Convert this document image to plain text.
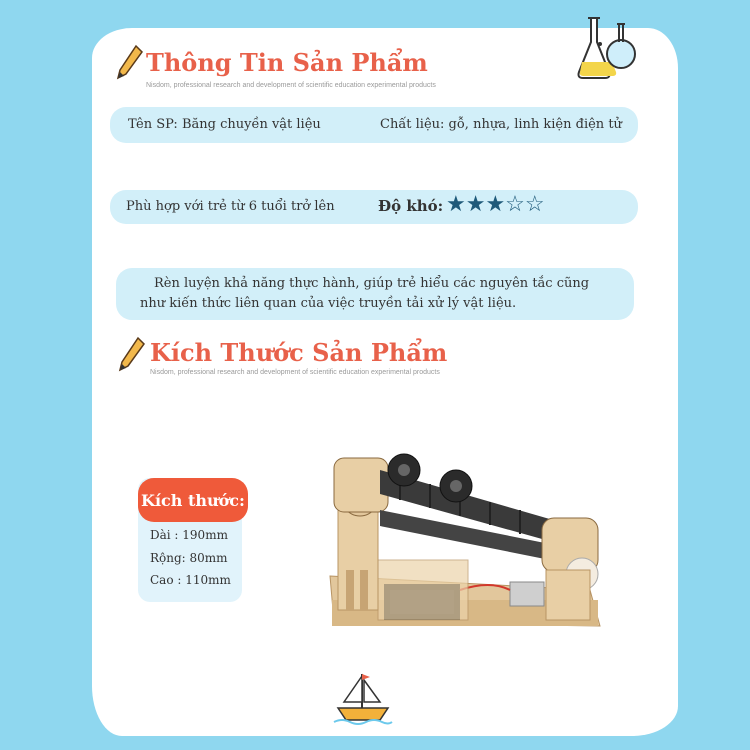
Thông Tin Sản Phẩm
Nisdom, professional research and development of scientific education experimental products
Tên SP: Băng chuyền vật liệu	Chất liệu: gỗ, nhựa, linh kiện điện tử
Phù hợp với trẻ từ 6 tuổi trở lên	Độ khó: ★★★☆☆
Rèn luyện khả năng thực hành, giúp trẻ hiểu các nguyên tắc cũng như kiến thức liên quan của việc truyền tải xử lý vật liệu.
Kích Thước Sản Phẩm
Nisdom, professional research and development of scientific education experimental products
Kích thước:
Dài : 190mm
Rộng: 80mm
Cao : 110mm
